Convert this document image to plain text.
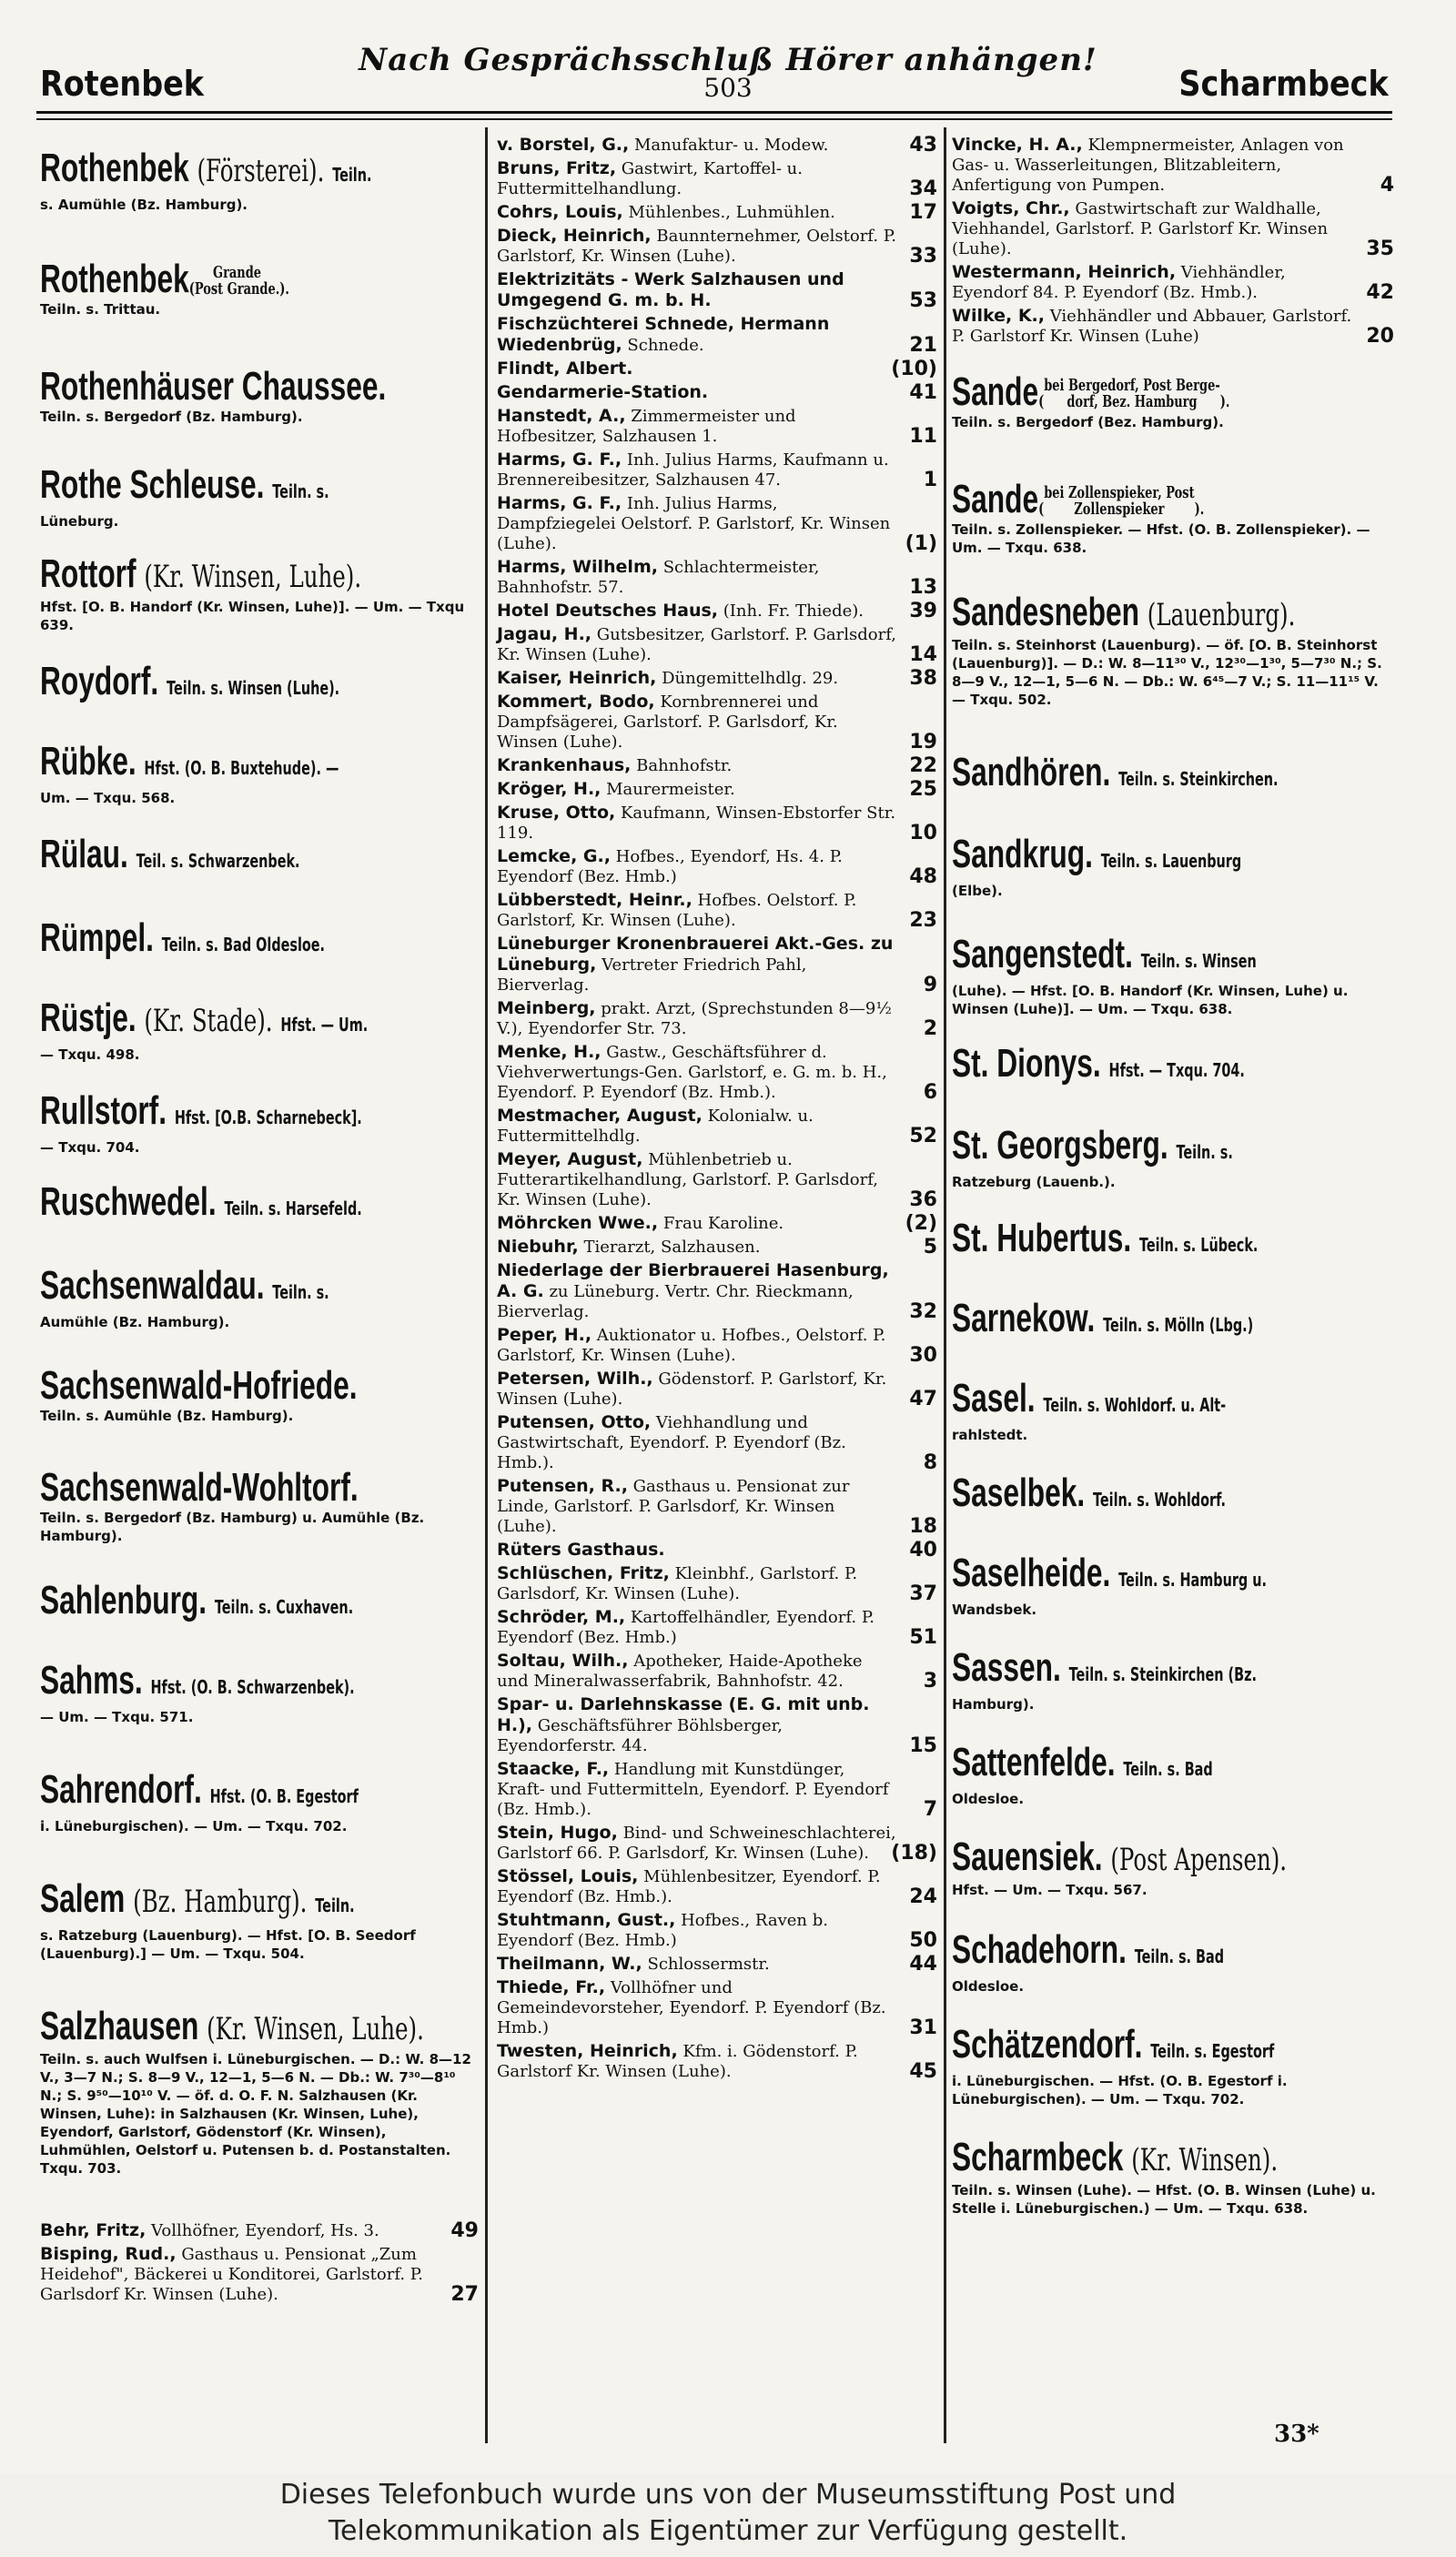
Nach Gesprächsschluß Hörer anhängen!
503
Rotenbek	Scharmbeck
Rothenbek (Försterei). Teiln.
s. Aumühle (Bz. Hamburg).
Rothenbek(
Grande
Post Grande. ).
Teiln. s. Trittau.
Rothenhäuser Chaussee.
Teiln. s. Bergedorf (Bz. Hamburg).
Rothe Schleuse. Teiln. s.
Lüneburg.
Rottorf (Kr. Winsen, Luhe).
Hfst. [O. B. Handorf (Kr. Winsen, Luhe)]. — Um. — Txqu 639.
Roydorf. Teiln. s. Winsen (Luhe).
Rübke. Hfst. (O. B. Buxtehude). —
Um. — Txqu. 568.
Rülau. Teil. s. Schwarzenbek.
Rümpel. Teiln. s. Bad Oldesloe.
Rüstje. (Kr. Stade). Hfst. — Um.
— Txqu. 498.
Rullstorf. Hfst. [O.B. Scharnebeck].
— Txqu. 704.
Ruschwedel. Teiln. s. Harsefeld.
Sachsenwaldau. Teiln. s.
Aumühle (Bz. Hamburg).
Sachsenwald-Hofriede.
Teiln. s. Aumühle (Bz. Hamburg).
Sachsenwald-Wohltorf.
Teiln. s. Bergedorf (Bz. Hamburg) u. Aumühle (Bz. Hamburg).
Sahlenburg. Teiln. s. Cuxhaven.
Sahms. Hfst. (O. B. Schwarzenbek).
— Um. — Txqu. 571.
Sahrendorf. Hfst. (O. B. Egestorf
i. Lüneburgischen). — Um. — Txqu. 702.
Salem (Bz. Hamburg). Teiln.
s. Ratzeburg (Lauenburg). — Hfst. [O. B. Seedorf (Lauenburg).] — Um. — Txqu. 504.
Salzhausen (Kr. Winsen, Luhe).
Teiln. s. auch Wulfsen i. Lüneburgischen. — D.: W. 8—12 V., 3—7 N.; S. 8—9 V., 12—1, 5—6 N. — Db.: W. 7³⁰—8¹⁰ N.; S. 9⁵⁰—10¹⁰ V. — öf. d. O. F. N. Salzhausen (Kr. Winsen, Luhe): in Salzhausen (Kr. Winsen, Luhe), Eyendorf, Garlstorf, Gödenstorf (Kr. Winsen), Luhmühlen, Oelstorf u. Putensen b. d. Postanstalten. Txqu. 703.
Behr, Fritz, Vollhöfner, Eyendorf, Hs. 3.	49
Bisping, Rud., Gasthaus u. Pensionat „Zum Heidehof", Bäckerei u Konditorei, Garlstorf. P. Garlsdorf Kr. Winsen (Luhe).	27
v. Borstel, G., Manufaktur- u. Modew.	43
Bruns, Fritz, Gastwirt, Kartoffel- u. Futtermittelhandlung.	34
Cohrs, Louis, Mühlenbes., Luhmühlen.	17
Dieck, Heinrich, Baunnternehmer, Oelstorf. P. Garlstorf, Kr. Winsen (Luhe).	33
Elektrizitäts - Werk Salzhausen und Umgegend G. m. b. H.	53
Fischzüchterei Schnede, Hermann Wiedenbrüg, Schnede.	21
Flindt, Albert.	(10)
Gendarmerie-Station.	41
Hanstedt, A., Zimmermeister und Hofbesitzer, Salzhausen 1.	11
Harms, G. F., Inh. Julius Harms, Kaufmann u. Brennereibesitzer, Salzhausen 47.	1
Harms, G. F., Inh. Julius Harms, Dampfziegelei Oelstorf. P. Garlstorf, Kr. Winsen (Luhe).	(1)
Harms, Wilhelm, Schlachtermeister, Bahnhofstr. 57.	13
Hotel Deutsches Haus, (Inh. Fr. Thiede). 39
Jagau, H., Gutsbesitzer, Garlstorf. P. Garlsdorf, Kr. Winsen (Luhe).	14
Kaiser, Heinrich, Düngemittelhdlg. 29.	38
Kommert, Bodo, Kornbrennerei und Dampfsägerei, Garlstorf. P. Garlsdorf, Kr. Winsen (Luhe).	19
Krankenhaus, Bahnhofstr.	22
Kröger, H., Maurermeister.	25
Kruse, Otto, Kaufmann, Winsen-Ebstorfer Str. 119.	10
Lemcke, G., Hofbes., Eyendorf, Hs. 4. P. Eyendorf (Bez. Hmb.)	48
Lübberstedt, Heinr., Hofbes. Oelstorf. P. Garlstorf, Kr. Winsen (Luhe).	23
Lüneburger Kronenbrauerei Akt.-Ges. zu Lüneburg, Vertreter Friedrich Pahl, Bierverlag.	9
Meinberg, prakt. Arzt, (Sprechstunden 8—9½ V.), Eyendorfer Str. 73.	2
Menke, H., Gastw., Geschäftsführer d. Viehverwertungs-Gen. Garlstorf, e. G. m. b. H., Eyendorf. P. Eyendorf (Bz. Hmb.).	6
Mestmacher, August, Kolonialw. u. Futtermittelhdlg.	52
Meyer, August, Mühlenbetrieb u. Futterartikelhandlung, Garlstorf. P. Garlsdorf, Kr. Winsen (Luhe).	36
Möhrcken Wwe., Frau Karoline.	(2)
Niebuhr, Tierarzt, Salzhausen.	5
Niederlage der Bierbrauerei Hasenburg, A. G. zu Lüneburg. Vertr. Chr. Rieckmann, Bierverlag.	32
Peper, H., Auktionator u. Hofbes., Oelstorf. P. Garlstorf, Kr. Winsen (Luhe).	30
Petersen, Wilh., Gödenstorf. P. Garlstorf, Kr. Winsen (Luhe).	47
Putensen, Otto, Viehhandlung und Gastwirtschaft, Eyendorf. P. Eyendorf (Bz. Hmb.).	8
Putensen, R., Gasthaus u. Pensionat zur Linde, Garlstorf. P. Garlsdorf, Kr. Winsen (Luhe).	18
Rüters Gasthaus.	40
Schlüschen, Fritz, Kleinbhf., Garlstorf. P. Garlsdorf, Kr. Winsen (Luhe).	37
Schröder, M., Kartoffelhändler, Eyendorf. P. Eyendorf (Bez. Hmb.)	51
Soltau, Wilh., Apotheker, Haide-Apotheke und Mineralwasserfabrik, Bahnhofstr. 42.	3
Spar- u. Darlehnskasse (E. G. mit unb. H.), Geschäftsführer Böhlsberger, Eyendorferstr. 44.	15
Staacke, F., Handlung mit Kunstdünger, Kraft- und Futtermitteln, Eyendorf. P. Eyendorf (Bz. Hmb.).	7
Stein, Hugo, Bind- und Schweineschlachterei, Garlstorf 66. P. Garlsdorf, Kr. Winsen (Luhe). (18)
Stössel, Louis, Mühlenbesitzer, Eyendorf. P. Eyendorf (Bz. Hmb.).	24
Stuhtmann, Gust., Hofbes., Raven b. Eyendorf (Bez. Hmb.)	50
Theilmann, W., Schlossermstr.	44
Thiede, Fr., Vollhöfner und Gemeindevorsteher, Eyendorf. P. Eyendorf (Bz. Hmb.)	31
Twesten, Heinrich, Kfm. i. Gödenstorf. P. Garlstorf Kr. Winsen (Luhe).	45
Vincke, H. A., Klempnermeister, Anlagen von Gas- u. Wasserleitungen, Blitzableitern, Anfertigung von Pumpen.	4
Voigts, Chr., Gastwirtschaft zur Waldhalle, Viehhandel, Garlstorf. P. Garlstorf Kr. Winsen (Luhe).	35
Westermann, Heinrich, Viehhändler, Eyendorf 84. P. Eyendorf (Bz. Hmb.).	42
Wilke, K., Viehhändler und Abbauer, Garlstorf. P. Garlstorf Kr. Winsen (Luhe)	20
Sande(
bei Bergedorf, Post Berge-
dorf, Bez. Hamburg	).
Teiln. s. Bergedorf (Bez. Hamburg).
Sande(
bei Zollenspieker, Post
Zollenspieker	).
Teiln. s. Zollenspieker. — Hfst. (O. B. Zollenspieker). — Um. — Txqu. 638.
Sandesneben (Lauenburg).
Teiln. s. Steinhorst (Lauenburg). — öf. [O. B. Steinhorst (Lauenburg)]. — D.: W. 8—11³⁰ V., 12³⁰—1³⁰, 5—7³⁰ N.; S. 8—9 V., 12—1, 5—6 N. — Db.: W. 6⁴⁵—7 V.; S. 11—11¹⁵ V. — Txqu. 502.
Sandhören. Teiln. s. Steinkirchen.
Sandkrug. Teiln. s. Lauenburg
(Elbe).
Sangenstedt. Teiln. s. Winsen
(Luhe). — Hfst. [O. B. Handorf (Kr. Winsen, Luhe) u. Winsen (Luhe)]. — Um. — Txqu. 638.
St. Dionys. Hfst. — Txqu. 704.
St. Georgsberg. Teiln. s.
Ratzeburg (Lauenb.).
St. Hubertus. Teiln. s. Lübeck.
Sarnekow. Teiln. s. Mölln (Lbg.)
Sasel. Teiln. s. Wohldorf. u. Alt-
rahlstedt.
Saselbek. Teiln. s. Wohldorf.
Saselheide. Teiln. s. Hamburg u.
Wandsbek.
Sassen. Teiln. s. Steinkirchen (Bz.
Hamburg).
Sattenfelde. Teiln. s. Bad
Oldesloe.
Sauensiek. (Post Apensen).
Hfst. — Um. — Txqu. 567.
Schadehorn. Teiln. s. Bad
Oldesloe.
Schätzendorf. Teiln. s. Egestorf
i. Lüneburgischen. — Hfst. (O. B. Egestorf i. Lüneburgischen). — Um. — Txqu. 702.
Scharmbeck (Kr. Winsen).
Teiln. s. Winsen (Luhe). — Hfst. (O. B. Winsen (Luhe) u. Stelle i. Lüneburgischen.) — Um. — Txqu. 638.
33*
Dieses Telefonbuch wurde uns von der Museumsstiftung Post und
Telekommunikation als Eigentümer zur Verfügung gestellt.
